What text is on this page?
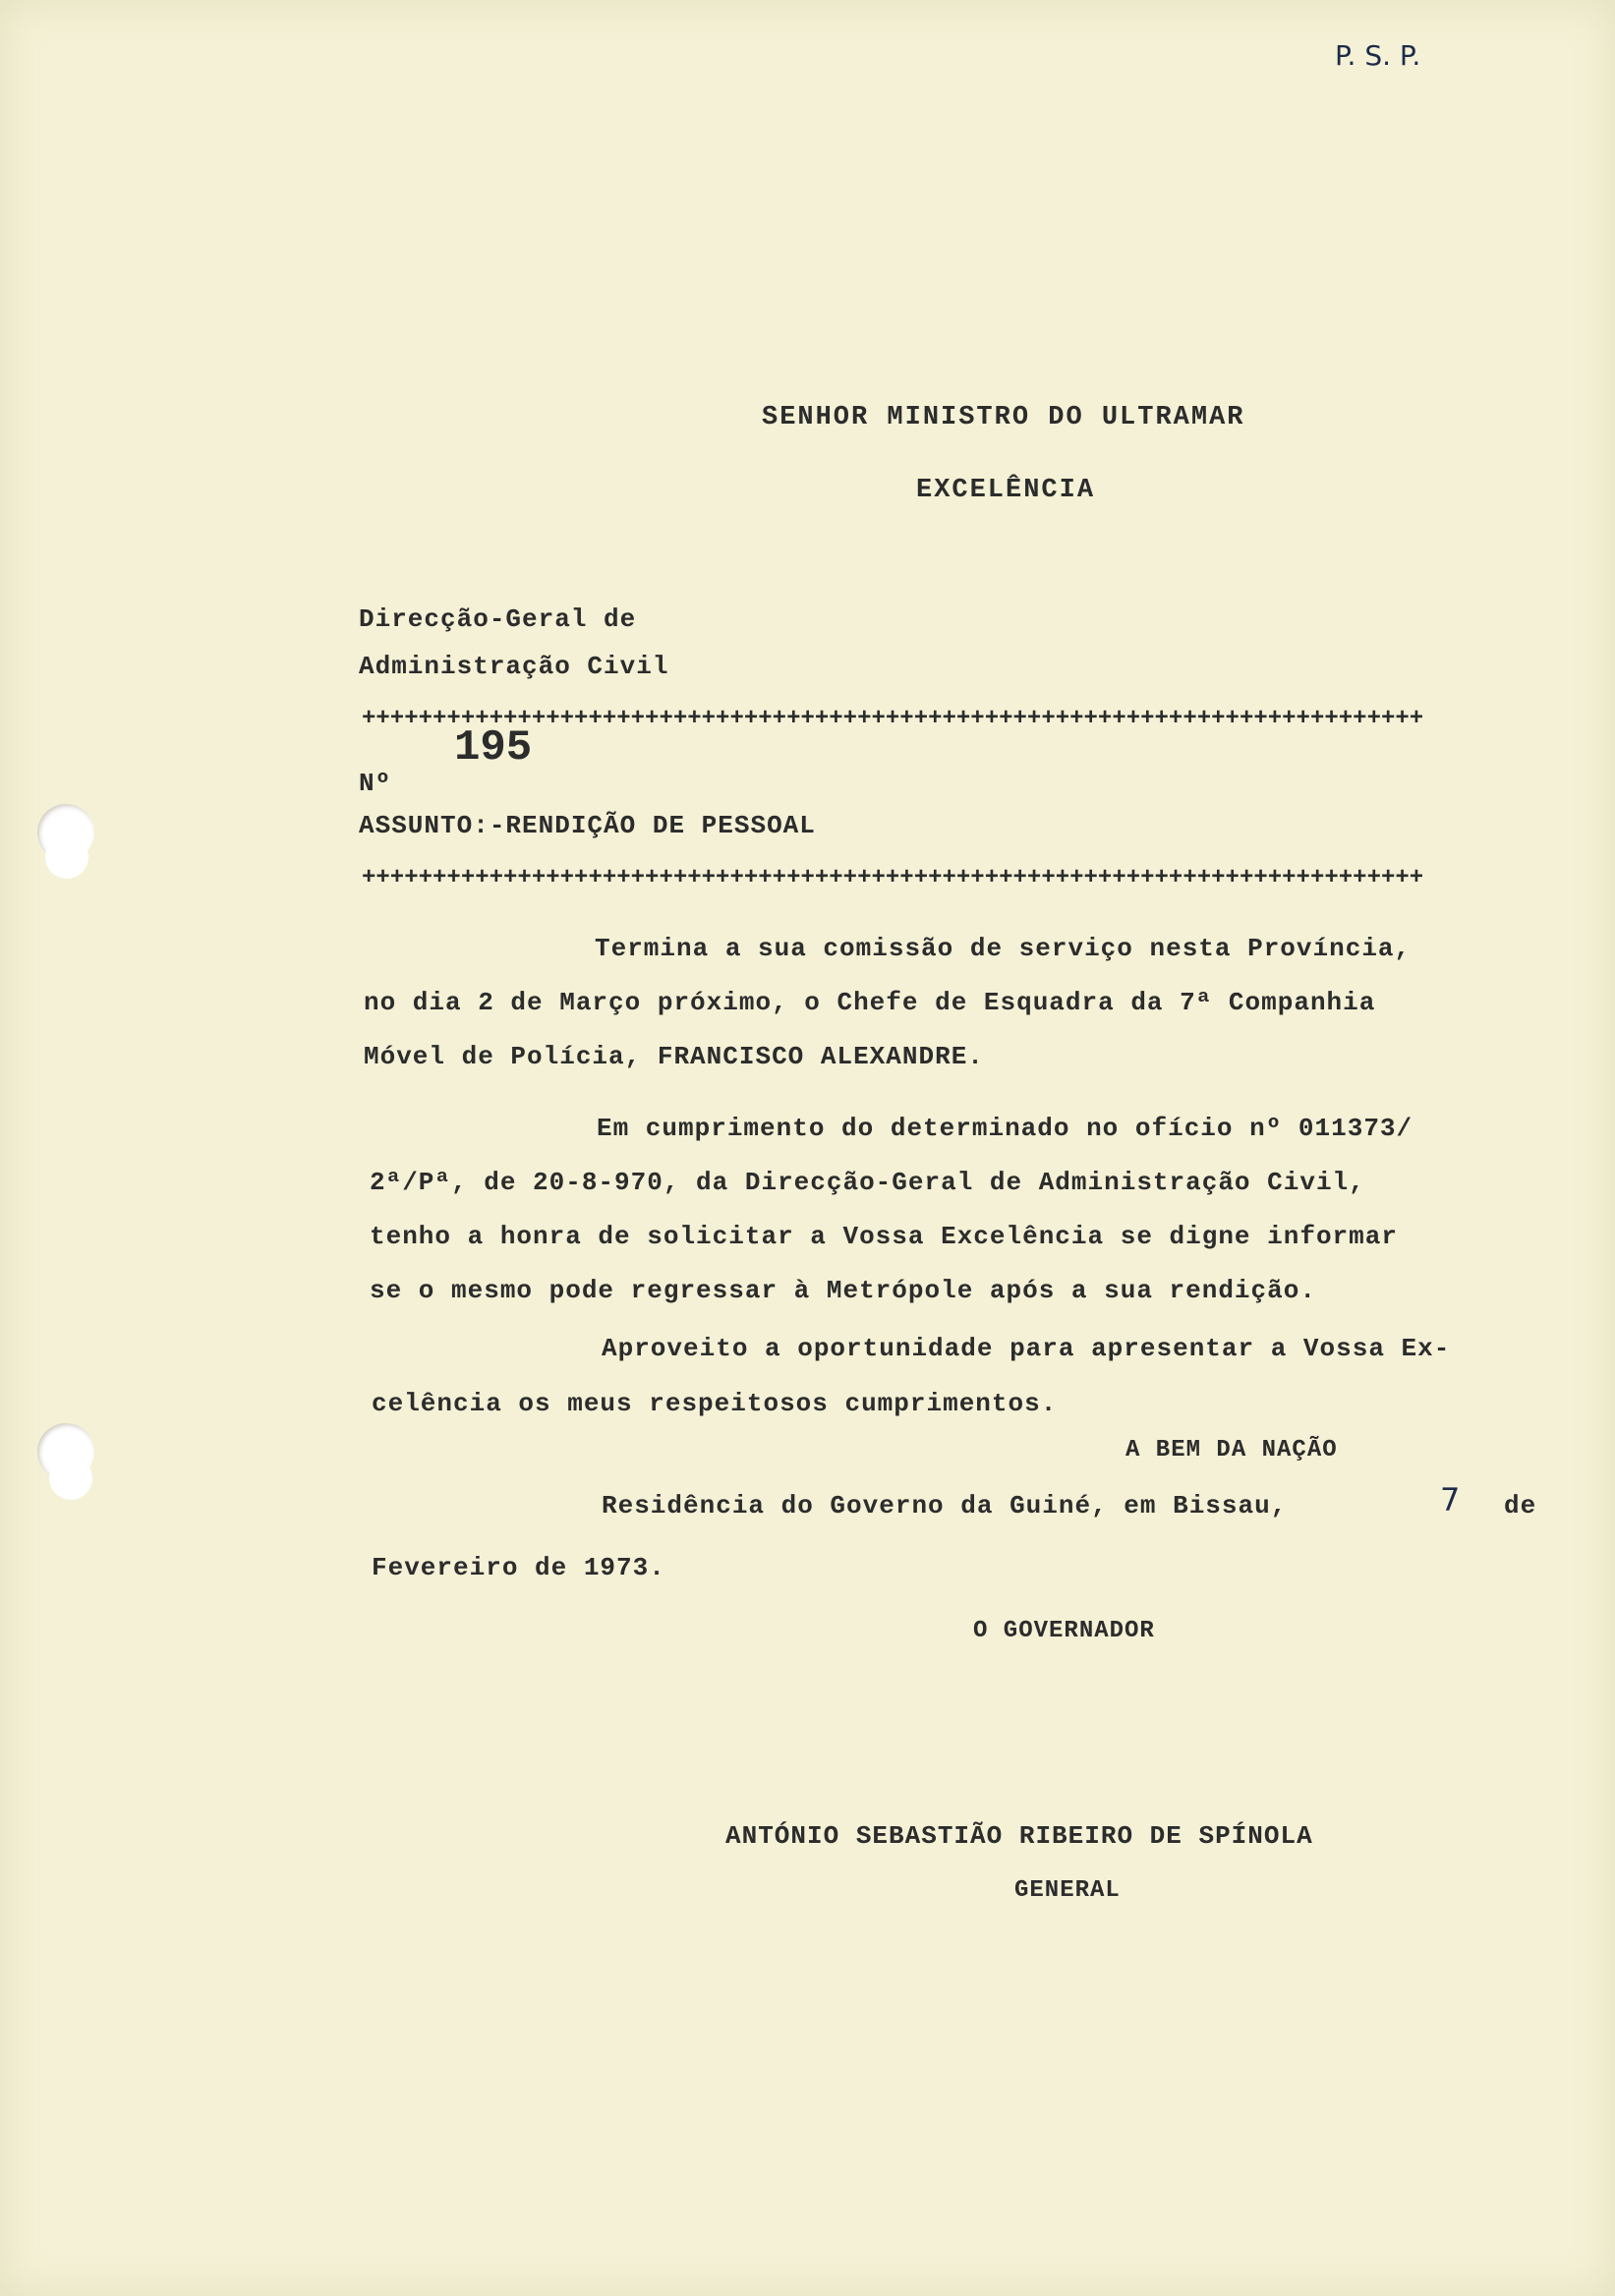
P. S. P.
SENHOR MINISTRO DO ULTRAMAR
EXCELÊNCIA
Direcção-Geral de
Administração Civil
+++++++++++++++++++++++++++++++++++++++++++++++++++++++++++++++++++++++++++
Nº
195
ASSUNTO:-RENDIÇÃO DE PESSOAL
+++++++++++++++++++++++++++++++++++++++++++++++++++++++++++++++++++++++++++
Termina a sua comissão de serviço nesta Província,
no dia 2 de Março próximo, o Chefe de Esquadra da 7ª Companhia
Móvel de Polícia, FRANCISCO ALEXANDRE.
Em cumprimento do determinado no ofício nº 011373/
2ª/Pª, de 20-8-970, da Direcção-Geral de Administração Civil,
tenho a honra de solicitar a Vossa Excelência se digne informar
se o mesmo pode regressar à Metrópole após a sua rendição.
Aproveito a oportunidade para apresentar a Vossa Ex-
celência os meus respeitosos cumprimentos.
A BEM DA NAÇÃO
Residência do Governo da Guiné, em Bissau,	7 de
Fevereiro de 1973.
O GOVERNADOR
ANTÓNIO SEBASTIÃO RIBEIRO DE SPÍNOLA
GENERAL
